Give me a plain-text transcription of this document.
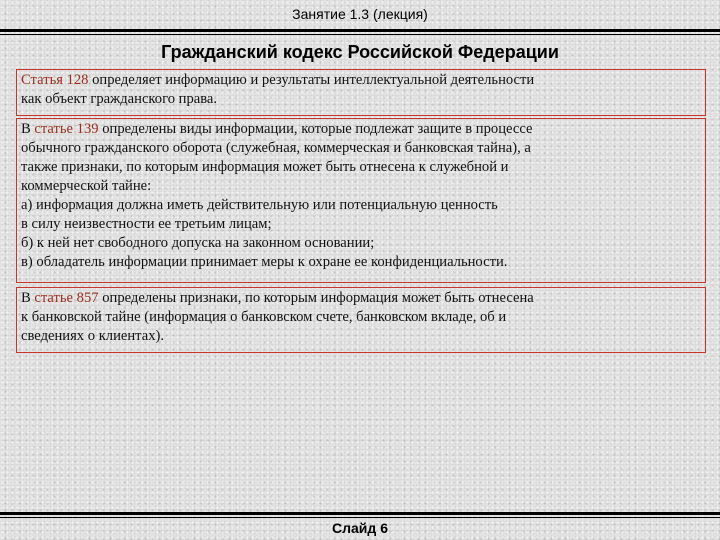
Занятие 1.3 (лекция)
Гражданский кодекс Российской Федерации
Статья 128 определяет информацию и результаты интеллектуальной деятельности
как объект гражданского права.
В статье 139 определены виды информации, которые подлежат защите в процессе
обычного гражданского оборота (служебная, коммерческая и банковская тайна), а
также признаки, по которым информация может быть отнесена к служебной и
коммерческой тайне:
а) информация должна иметь действительную или потенциальную ценность
в силу неизвестности ее третьим лицам;
б) к ней нет свободного допуска на законном основании;
в) обладатель информации принимает меры к охране ее конфиденциальности.
В статье 857 определены признаки, по которым информация может быть отнесена
к банковской тайне (информация о банковском счете, банковском вкладе, об и
сведениях о клиентах).
Слайд 6
